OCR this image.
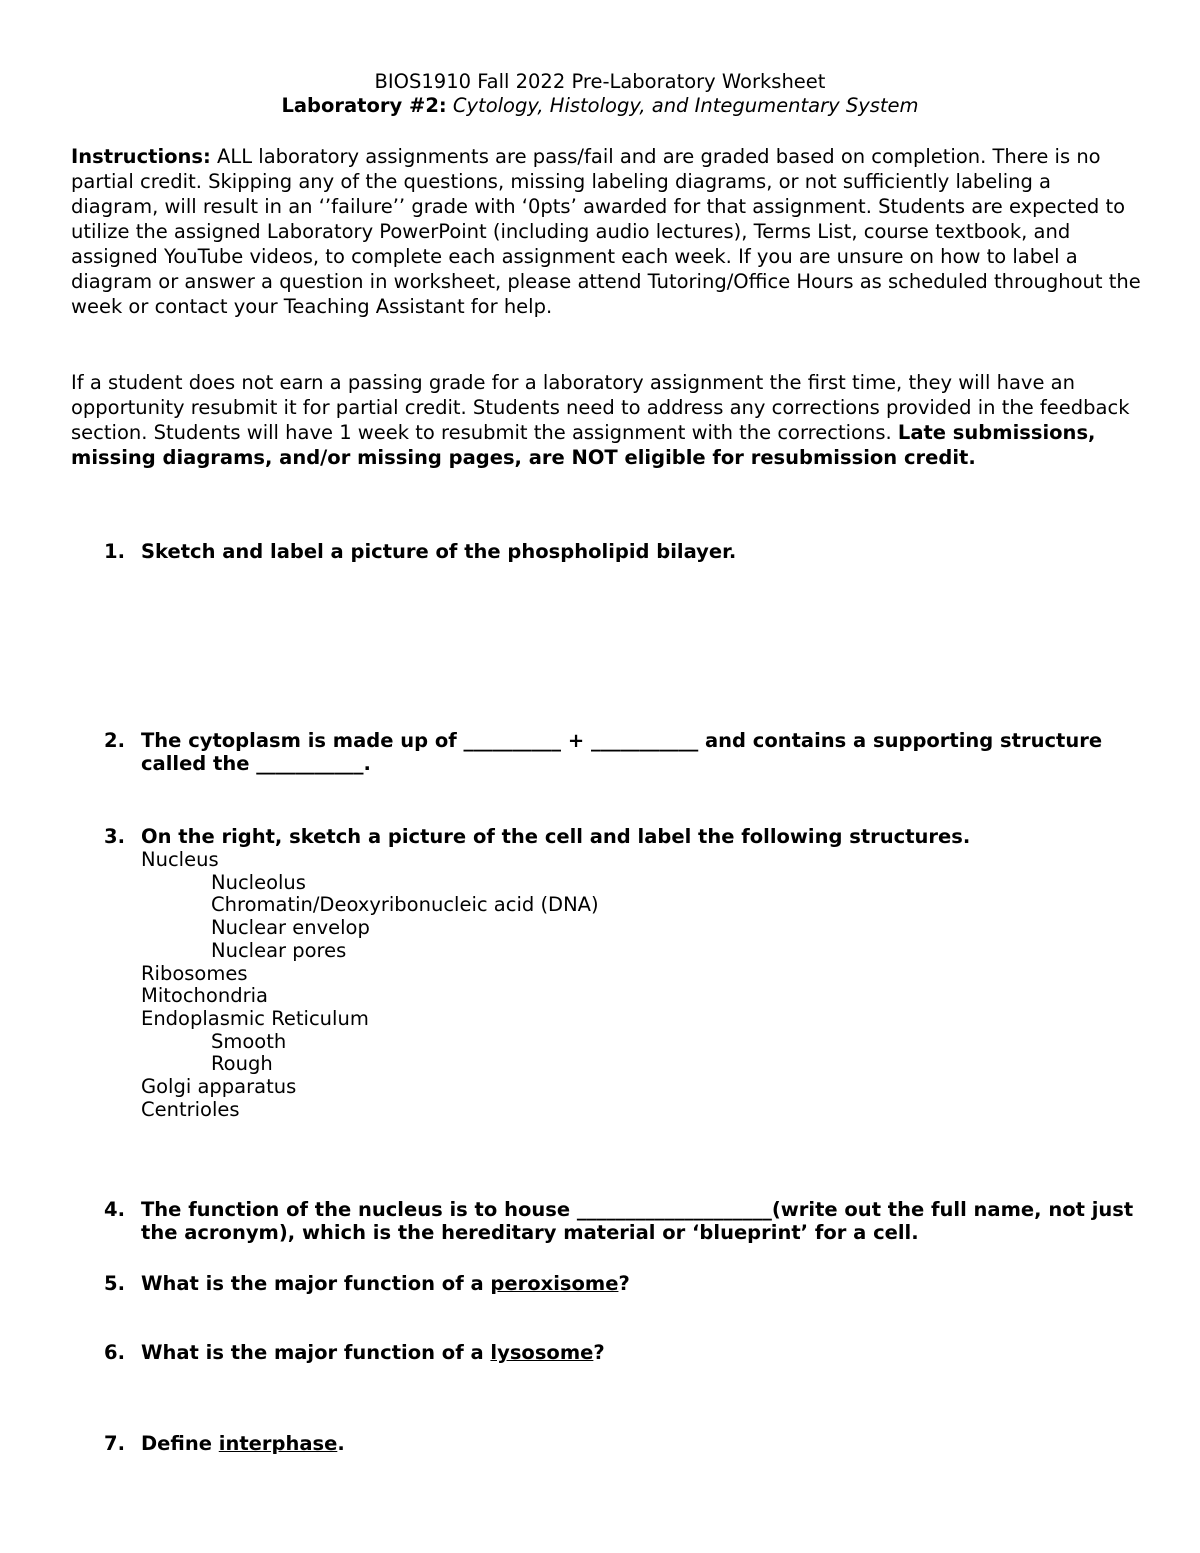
BIOS1910 Fall 2022 Pre-Laboratory Worksheet
Laboratory #2: Cytology, Histology, and Integumentary System

Instructions: ALL laboratory assignments are pass/fail and are graded based on completion. There is no partial credit. Skipping any of the questions, missing labeling diagrams, or not sufficiently labeling a diagram, will result in an ‘’failure’’ grade with ‘0pts’ awarded for that assignment. Students are expected to utilize the assigned Laboratory PowerPoint (including audio lectures), Terms List, course textbook, and assigned YouTube videos, to complete each assignment each week. If you are unsure on how to label a diagram or answer a question in worksheet, please attend Tutoring/Office Hours as scheduled throughout the week or contact your Teaching Assistant for help.

If a student does not earn a passing grade for a laboratory assignment the first time, they will have an opportunity resubmit it for partial credit. Students need to address any corrections provided in the feedback section. Students will have 1 week to resubmit the assignment with the corrections. Late submissions, missing diagrams, and/or missing pages, are NOT eligible for resubmission credit.

1. Sketch and label a picture of the phospholipid bilayer.
2. The cytoplasm is made up of __________ + ___________ and contains a supporting structure called the ___________.
3. On the right, sketch a picture of the cell and label the following structures.
Nucleus
Nucleolus
Chromatin/Deoxyribonucleic acid (DNA)
Nuclear envelop
Nuclear pores
Ribosomes
Mitochondria
Endoplasmic Reticulum
Smooth
Rough
Golgi apparatus
Centrioles
4. The function of the nucleus is to house ____________________(write out the full name, not just the acronym), which is the hereditary material or ‘blueprint’ for a cell.
5. What is the major function of a peroxisome?
6. What is the major function of a lysosome?
7. Define interphase.
